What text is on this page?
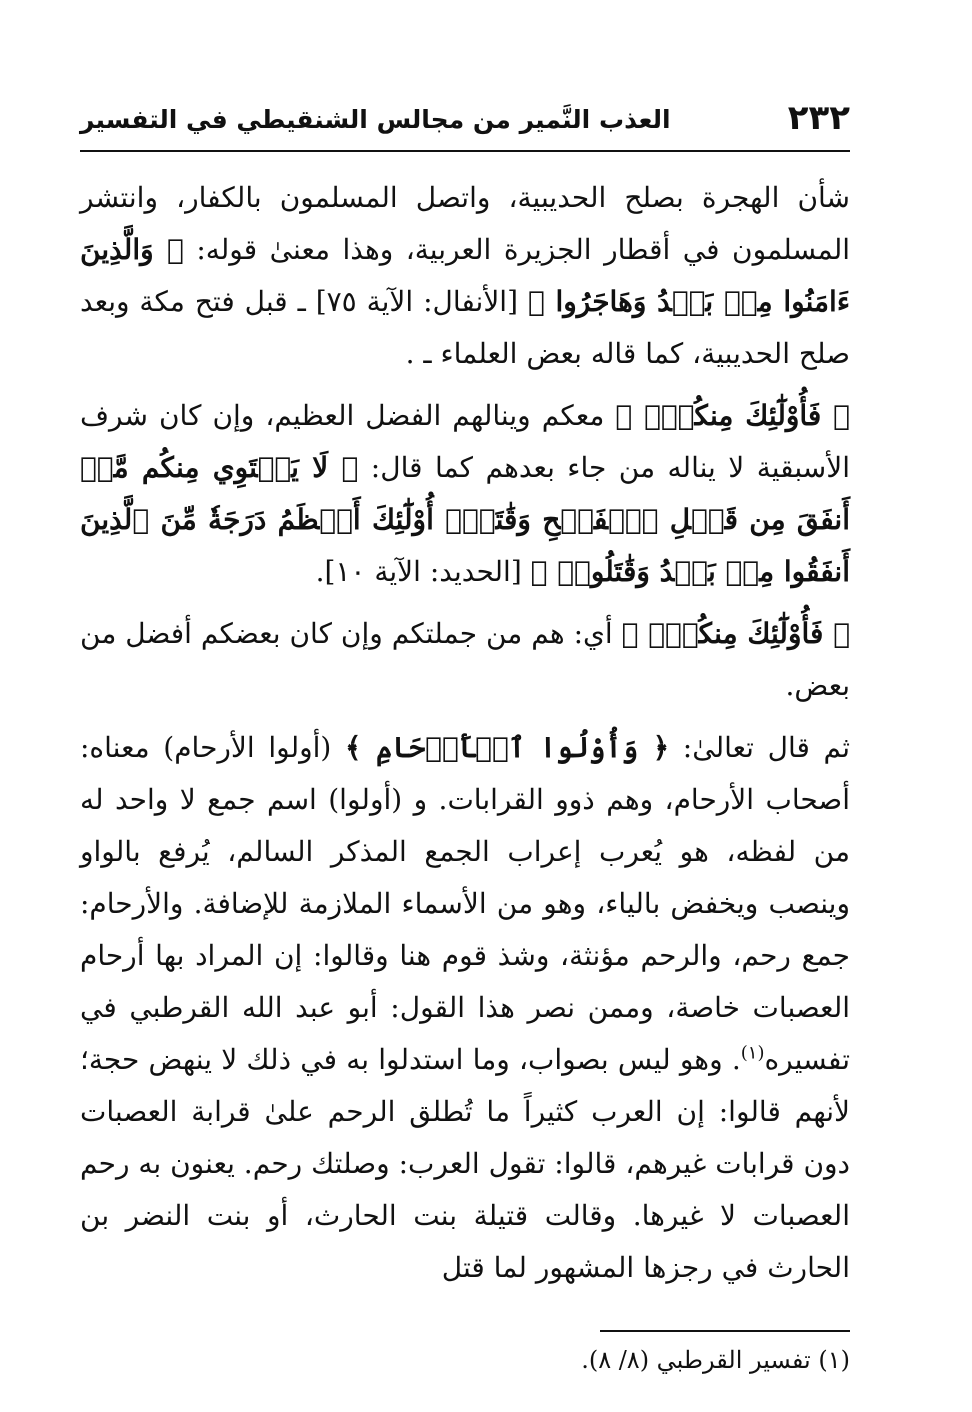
٢٣٢
العذب النَّمير من مجالس الشنقيطي في التفسير

شأن الهجرة بصلح الحديبية، واتصل المسلمون بالكفار، وانتشر المسلمون في أقطار الجزيرة العربية، وهذا معنىٰ قوله: ﴿ وَالَّذِينَ ءَامَنُوا مِنۢ بَعۡدُ وَهَاجَرُوا ﴾ [الأنفال: الآية ٧٥] ـ قبل فتح مكة وبعد صلح الحديبية، كما قاله بعض العلماء ـ .

﴿ فَأُوْلَٰٓئِكَ مِنكُمۡۚ ﴾ معكم وينالهم الفضل العظيم، وإن كان شرف الأسبقية لا يناله من جاء بعدهم كما قال: ﴿ لَا يَسۡتَوِي مِنكُم مَّنۡ أَنفَقَ مِن قَبۡلِ ٱلۡفَتۡحِ وَقَٰتَلَۚ أُوْلَٰٓئِكَ أَعۡظَمُ دَرَجَةٗ مِّنَ ٱلَّذِينَ أَنفَقُوا مِنۢ بَعۡدُ وَقَٰتَلُواۚ ﴾ [الحديد: الآية ١٠].

﴿ فَأُوْلَٰٓئِكَ مِنكُمۡۚ ﴾ أي: هم من جملتكم وإن كان بعضكم أفضل من بعض.

ثم قال تعالىٰ: ﴿ وَأُوْلُوا ٱلۡأَرۡحَامِ ﴾ (أولوا الأرحام) معناه: أصحاب الأرحام، وهم ذوو القرابات. و (أولوا) اسم جمع لا واحد له من لفظه، هو يُعرب إعراب الجمع المذكر السالم، يُرفع بالواو وينصب ويخفض بالياء، وهو من الأسماء الملازمة للإضافة. والأرحام: جمع رحم، والرحم مؤنثة، وشذ قوم هنا وقالوا: إن المراد بها أرحام العصبات خاصة، وممن نصر هذا القول: أبو عبد الله القرطبي في تفسيره$^{(١)}$. وهو ليس بصواب، وما استدلوا به في ذلك لا ينهض حجة؛ لأنهم قالوا: إن العرب كثيراً ما تُطلق الرحم علىٰ قرابة العصبات دون قرابات غيرهم، قالوا: تقول العرب: وصلتك رحم. يعنون به رحم العصبات لا غيرها. وقالت قتيلة بنت الحارث، أو بنت النضر بن الحارث في رجزها المشهور لما قتل

(١) تفسير القرطبي (٨/ ٨).
